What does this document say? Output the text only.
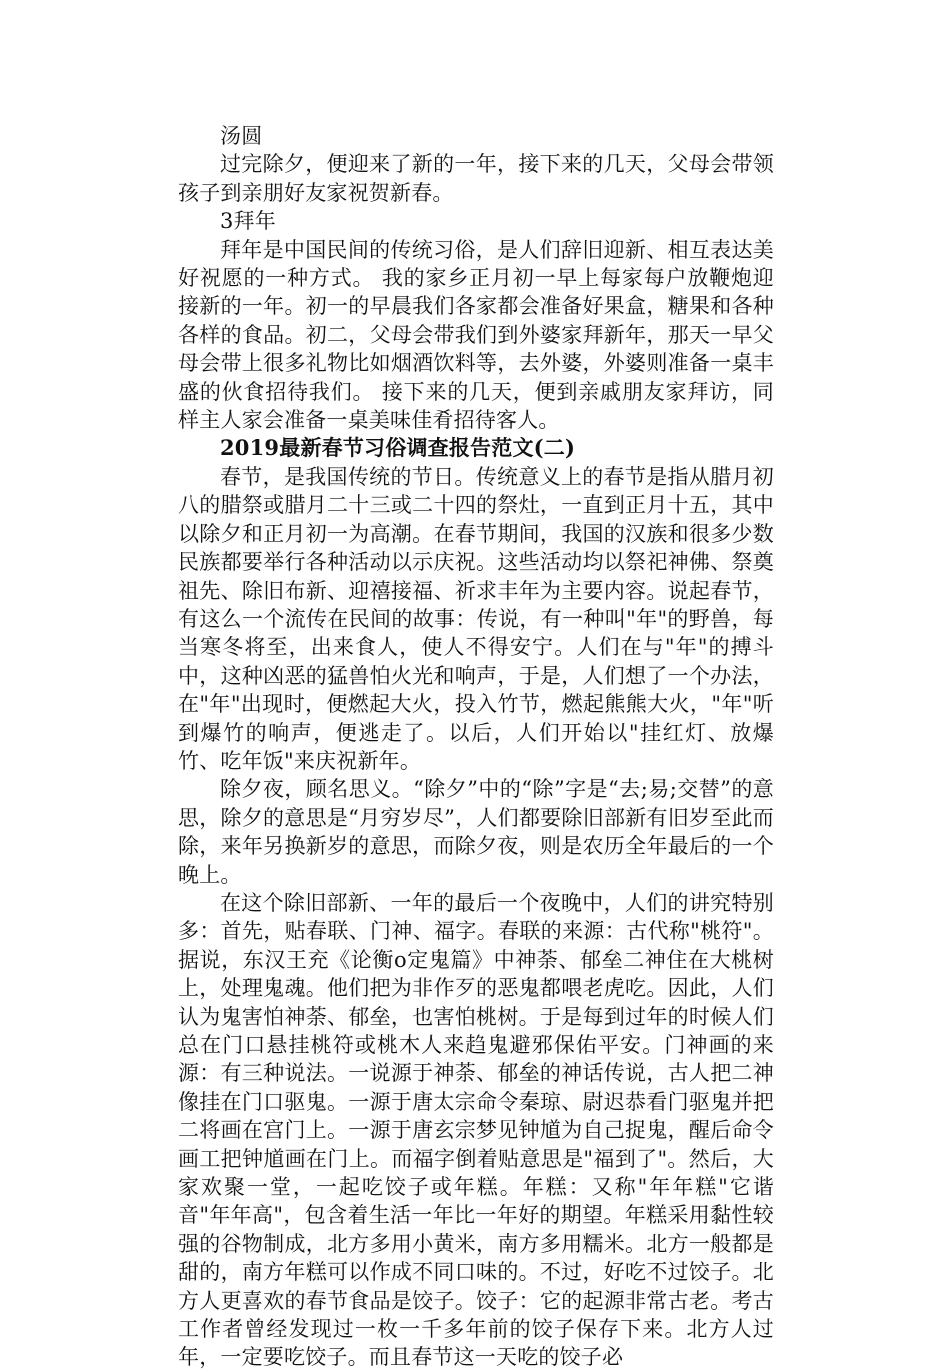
汤圆

过完除夕，便迎来了新的一年，接下来的几天，父母会带领孩子到亲朋好友家祝贺新春。

3拜年

拜年是中国民间的传统习俗，是人们辞旧迎新、相互表达美好祝愿的一种方式。 我的家乡正月初一早上每家每户放鞭炮迎接新的一年。初一的早晨我们各家都会准备好果盒，糖果和各种各样的食品。初二，父母会带我们到外婆家拜新年，那天一早父母会带上很多礼物比如烟酒饮料等，去外婆，外婆则准备一桌丰盛的伙食招待我们。 接下来的几天，便到亲戚朋友家拜访，同样主人家会准备一桌美味佳肴招待客人。

2019最新春节习俗调查报告范文(二)

春节，是我国传统的节日。传统意义上的春节是指从腊月初八的腊祭或腊月二十三或二十四的祭灶，一直到正月十五，其中以除夕和正月初一为高潮。在春节期间，我国的汉族和很多少数民族都要举行各种活动以示庆祝。这些活动均以祭祀神佛、祭奠祖先、除旧布新、迎禧接福、祈求丰年为主要内容。说起春节，有这么一个流传在民间的故事：传说，有一种叫"年"的野兽，每当寒冬将至，出来食人，使人不得安宁。人们在与"年"的搏斗中，这种凶恶的猛兽怕火光和响声，于是，人们想了一个办法，在"年"出现时，便燃起大火，投入竹节，燃起熊熊大火，"年"听到爆竹的响声，便逃走了。以后，人们开始以"挂红灯、放爆竹、吃年饭"来庆祝新年。

除夕夜，顾名思义。“除夕”中的“除”字是“去;易;交替”的意思，除夕的意思是“月穷岁尽”，人们都要除旧部新有旧岁至此而除，来年另换新岁的意思，而除夕夜，则是农历全年最后的一个晚上。

在这个除旧部新、一年的最后一个夜晚中，人们的讲究特别多：首先，贴春联、门神、福字。春联的来源：古代称"桃符"。据说，东汉王充《论衡o定鬼篇》中神荼、郁垒二神住在大桃树上，处理鬼魂。他们把为非作歹的恶鬼都喂老虎吃。因此，人们认为鬼害怕神荼、郁垒，也害怕桃树。于是每到过年的时候人们总在门口悬挂桃符或桃木人来趋鬼避邪保佑平安。门神画的来源：有三种说法。一说源于神荼、郁垒的神话传说，古人把二神像挂在门口驱鬼。一源于唐太宗命令秦琼、尉迟恭看门驱鬼并把二将画在宫门上。一源于唐玄宗梦见钟馗为自己捉鬼，醒后命令画工把钟馗画在门上。而福字倒着贴意思是"福到了"。然后，大家欢聚一堂，一起吃饺子或年糕。年糕：又称"年年糕"它谐音"年年高"，包含着生活一年比一年好的期望。年糕采用黏性较强的谷物制成，北方多用小黄米，南方多用糯米。北方一般都是甜的，南方年糕可以作成不同口味的。不过，好吃不过饺子。北方人更喜欢的春节食品是饺子。饺子：它的起源非常古老。考古工作者曾经发现过一枚一千多年前的饺子保存下来。北方人过年，一定要吃饺子。而且春节这一天吃的饺子必
